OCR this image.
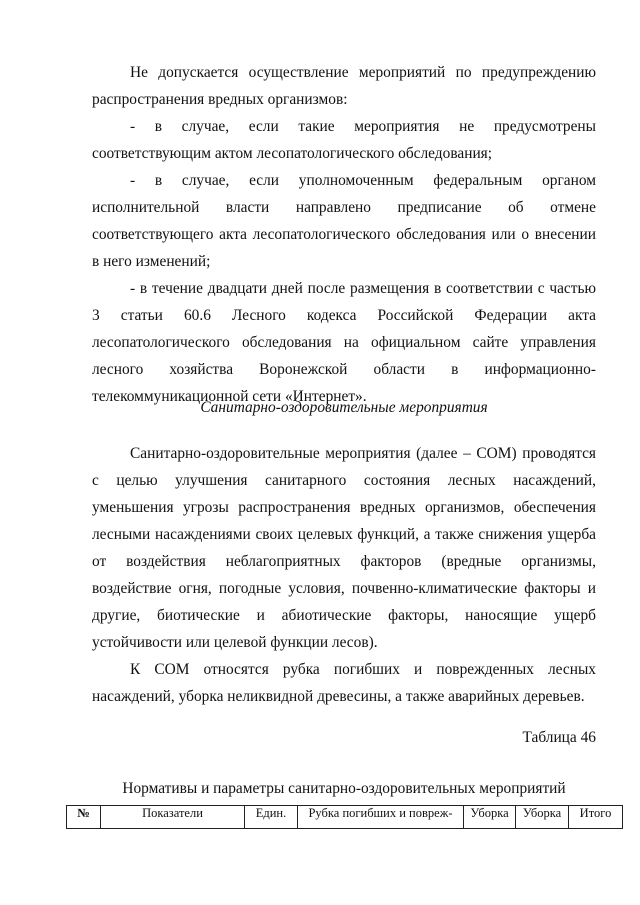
Не допускается осуществление мероприятий по предупреждению распространения вредных организмов:

- в случае, если такие мероприятия не предусмотрены соответствующим актом лесопатологического обследования;

- в случае, если уполномоченным федеральным органом исполнительной власти направлено предписание об отмене соответствующего акта лесопатологического обследования или о внесении в него изменений;

- в течение двадцати дней после размещения в соответствии с частью 3 статьи 60.6 Лесного кодекса Российской Федерации акта лесопатологического обследования на официальном сайте управления лесного хозяйства Воронежской области в информационно-телекоммуникационной сети «Интернет».

Санитарно-оздоровительные мероприятия

Санитарно-оздоровительные мероприятия (далее – СОМ) проводятся с целью улучшения санитарного состояния лесных насаждений, уменьшения угрозы распространения вредных организмов, обеспечения лесными насаждениями своих целевых функций, а также снижения ущерба от воздействия неблагоприятных факторов (вредные организмы, воздействие огня, погодные условия, почвенно-климатические факторы и другие, биотические и абиотические факторы, наносящие ущерб устойчивости или целевой функции лесов).

К СОМ относятся рубка погибших и поврежденных лесных насаждений, уборка неликвидной древесины, а также аварийных деревьев.

Таблица 46
Нормативы и параметры санитарно-оздоровительных мероприятий
№	Показатели	Един.	Рубка погибших и повреж-	Уборка	Уборка	Итого
